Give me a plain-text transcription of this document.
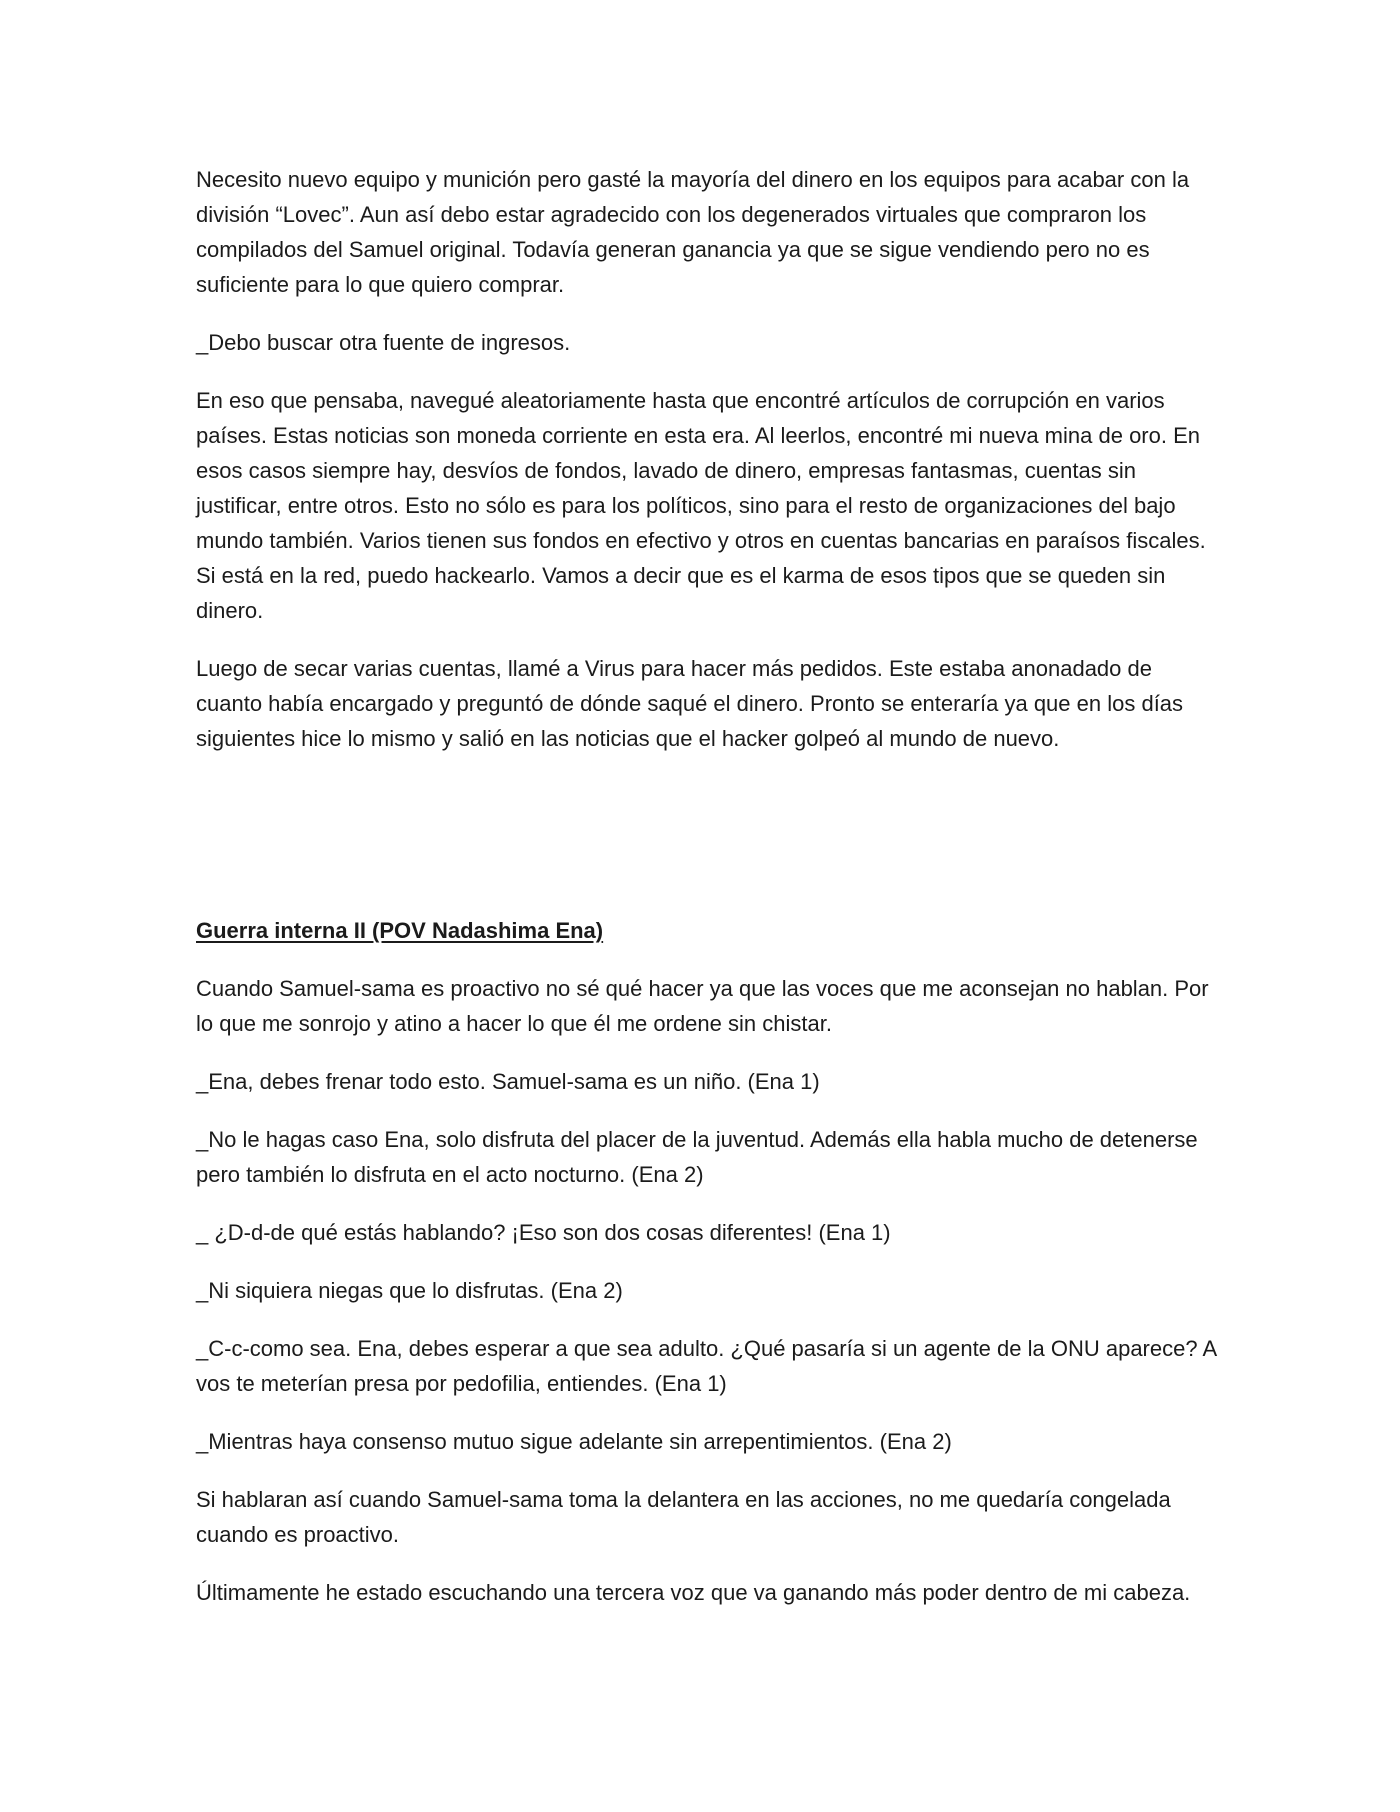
Necesito nuevo equipo y munición pero gasté la mayoría del dinero en los equipos para acabar con la división “Lovec”. Aun así debo estar agradecido con los degenerados virtuales que compraron los compilados del Samuel original. Todavía generan ganancia ya que se sigue vendiendo pero no es suficiente para lo que quiero comprar.

_Debo buscar otra fuente de ingresos.

En eso que pensaba, navegué aleatoriamente hasta que encontré artículos de corrupción en varios países. Estas noticias son moneda corriente en esta era. Al leerlos, encontré mi nueva mina de oro. En esos casos siempre hay, desvíos de fondos, lavado de dinero, empresas fantasmas, cuentas sin justificar, entre otros. Esto no sólo es para los políticos, sino para el resto de organizaciones del bajo mundo también. Varios tienen sus fondos en efectivo y otros en cuentas bancarias en paraísos fiscales. Si está en la red, puedo hackearlo. Vamos a decir que es el karma de esos tipos que se queden sin dinero.

Luego de secar varias cuentas, llamé a Virus para hacer más pedidos. Este estaba anonadado de cuanto había encargado y preguntó de dónde saqué el dinero. Pronto se enteraría ya que en los días siguientes hice lo mismo y salió en las noticias que el hacker golpeó al mundo de nuevo.

Guerra interna II (POV Nadashima Ena)

Cuando Samuel-sama es proactivo no sé qué hacer ya que las voces que me aconsejan no hablan. Por lo que me sonrojo y atino a hacer lo que él me ordene sin chistar.

_Ena, debes frenar todo esto. Samuel-sama es un niño. (Ena 1)

_No le hagas caso Ena, solo disfruta del placer de la juventud. Además ella habla mucho de detenerse pero también lo disfruta en el acto nocturno. (Ena 2)

_ ¿D-d-de qué estás hablando? ¡Eso son dos cosas diferentes! (Ena 1)

_Ni siquiera niegas que lo disfrutas. (Ena 2)

_C-c-como sea. Ena, debes esperar a que sea adulto. ¿Qué pasaría si un agente de la ONU aparece? A vos te meterían presa por pedofilia, entiendes. (Ena 1)

_Mientras haya consenso mutuo sigue adelante sin arrepentimientos. (Ena 2)

Si hablaran así cuando Samuel-sama toma la delantera en las acciones, no me quedaría congelada cuando es proactivo.

Últimamente he estado escuchando una tercera voz que va ganando más poder dentro de mi cabeza.
